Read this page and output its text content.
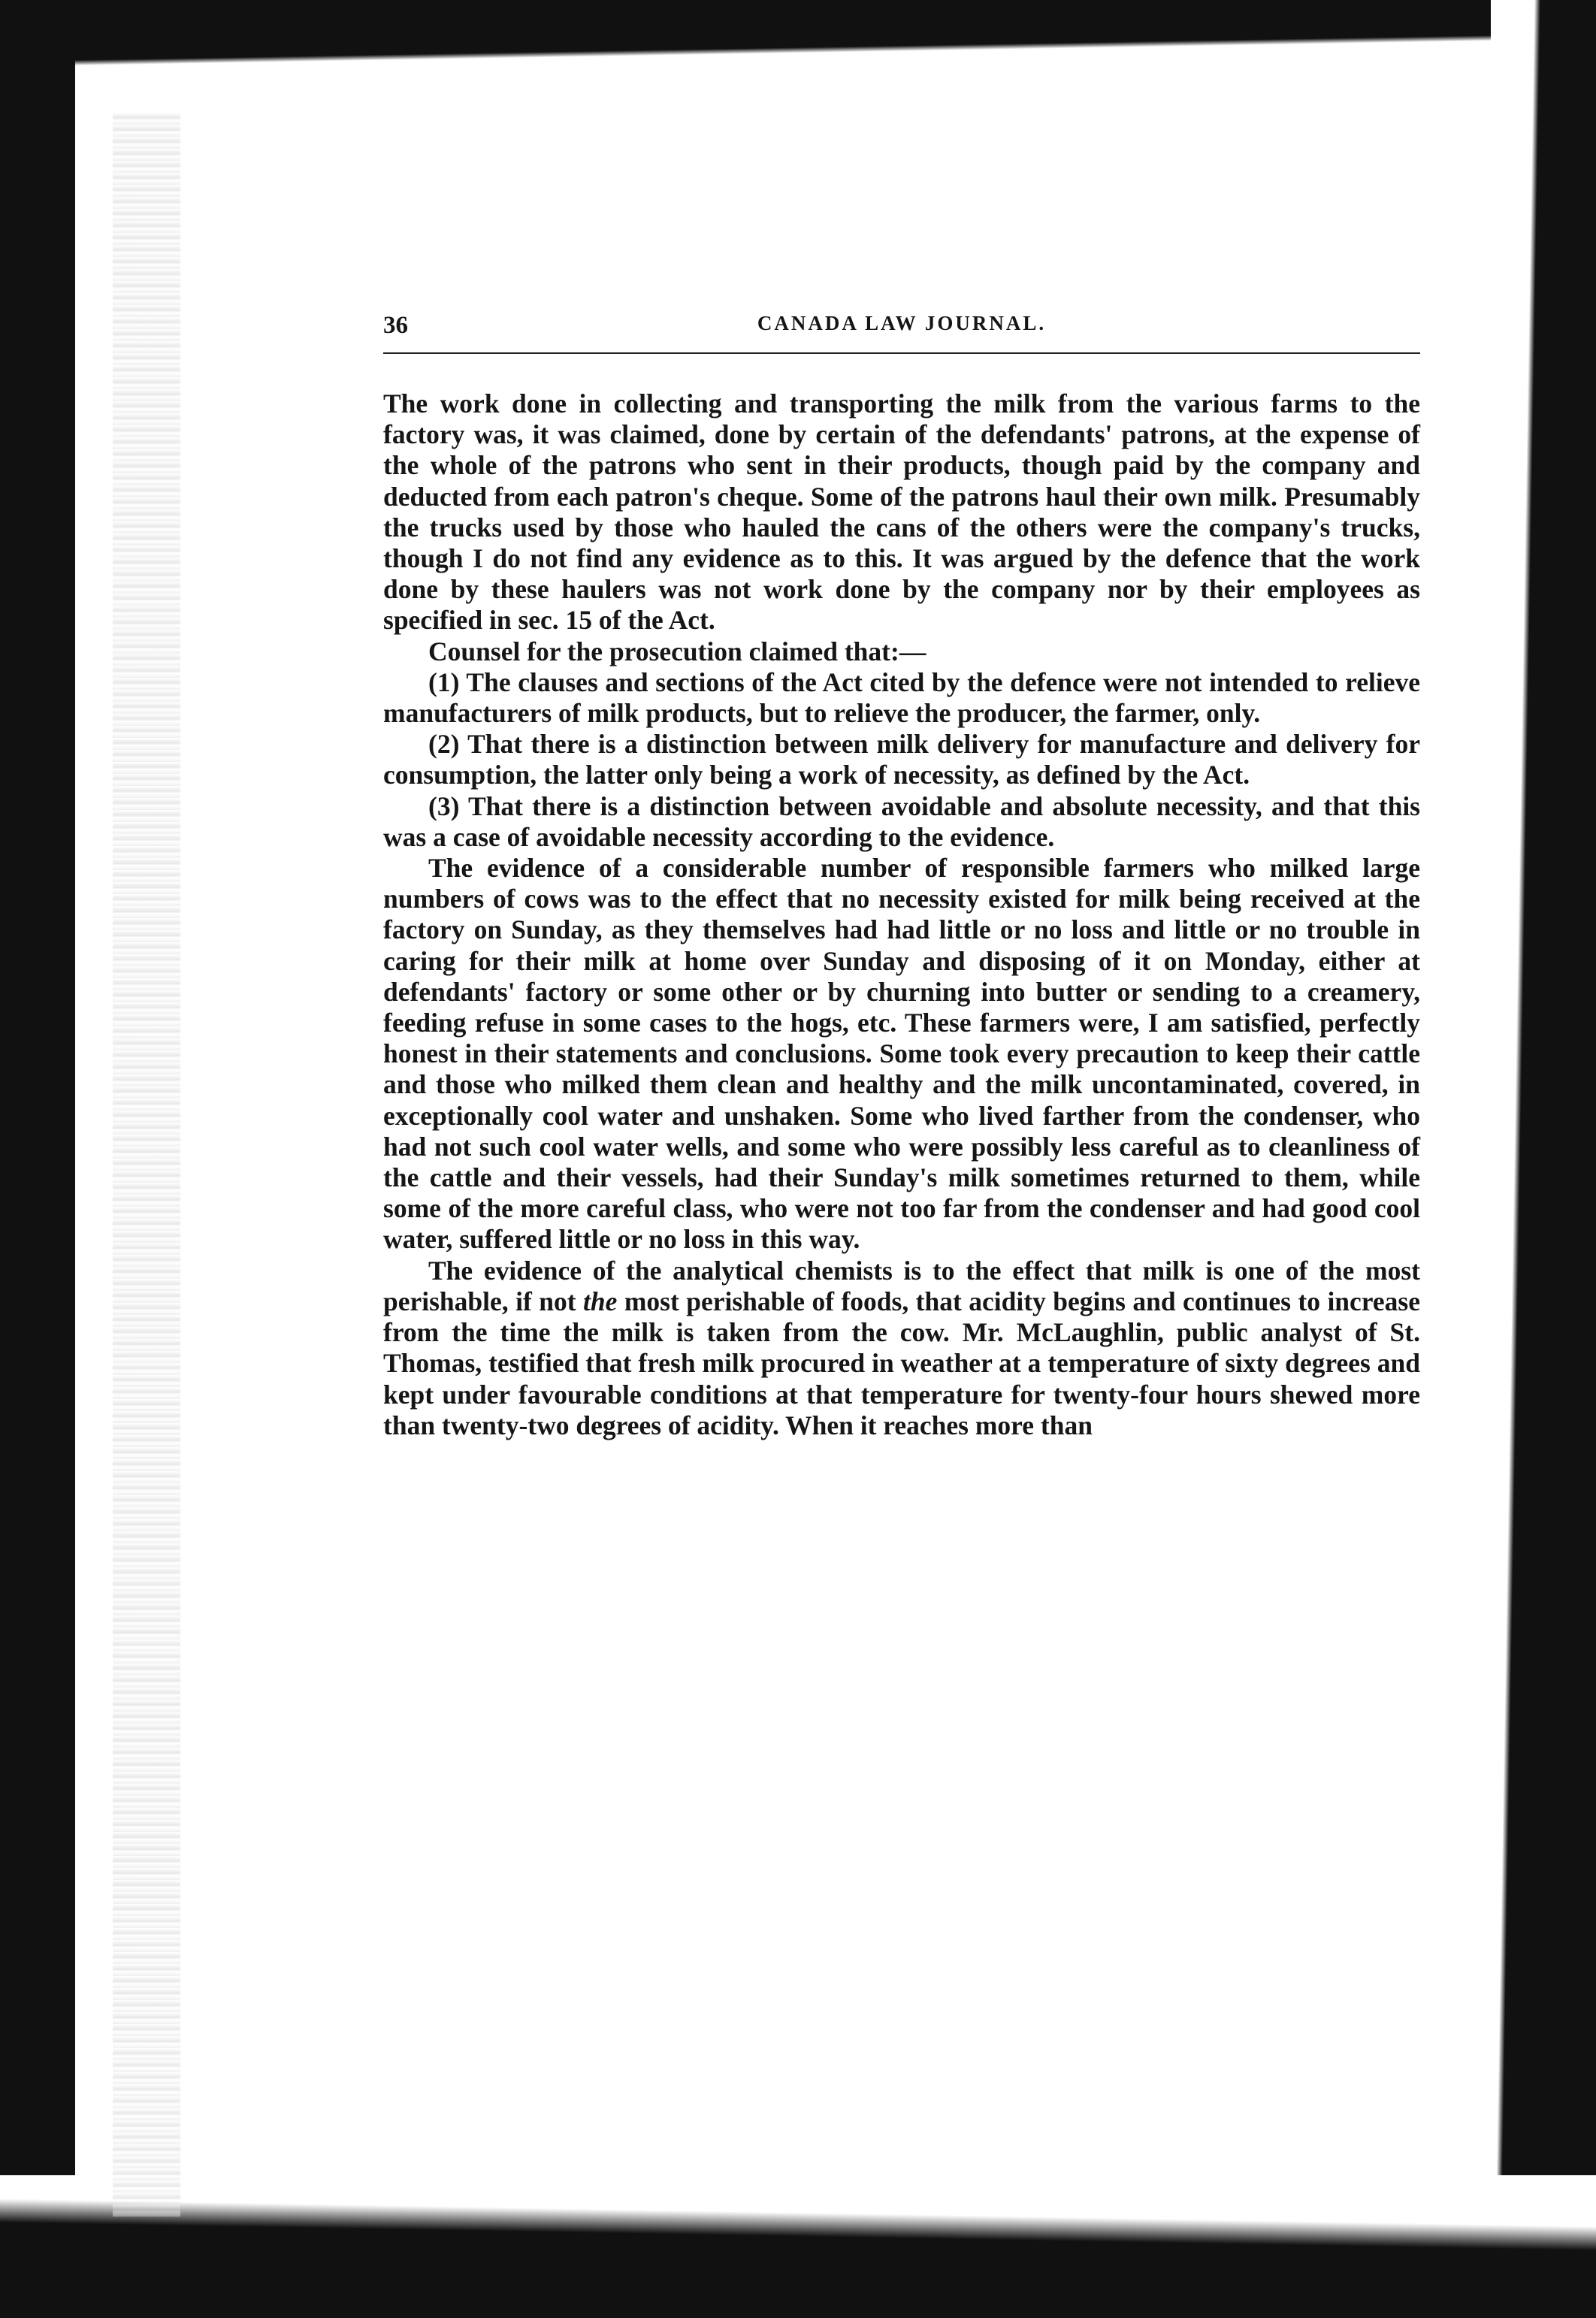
36	CANADA LAW JOURNAL.

The work done in collecting and transporting the milk from the various farms to the factory was, it was claimed, done by certain of the defendants' patrons, at the expense of the whole of the patrons who sent in their products, though paid by the company and deducted from each patron's cheque. Some of the patrons haul their own milk. Presumably the trucks used by those who hauled the cans of the others were the company's trucks, though I do not find any evidence as to this. It was argued by the defence that the work done by these haulers was not work done by the company nor by their employees as specified in sec. 15 of the Act.

Counsel for the prosecution claimed that:—

(1) The clauses and sections of the Act cited by the defence were not intended to relieve manufacturers of milk products, but to relieve the producer, the farmer, only.

(2) That there is a distinction between milk delivery for manufacture and delivery for consumption, the latter only being a work of necessity, as defined by the Act.

(3) That there is a distinction between avoidable and absolute necessity, and that this was a case of avoidable necessity according to the evidence.

The evidence of a considerable number of responsible farmers who milked large numbers of cows was to the effect that no necessity existed for milk being received at the factory on Sunday, as they themselves had had little or no loss and little or no trouble in caring for their milk at home over Sunday and disposing of it on Monday, either at defendants' factory or some other or by churning into butter or sending to a creamery, feeding refuse in some cases to the hogs, etc. These farmers were, I am satisfied, perfectly honest in their statements and conclusions. Some took every precaution to keep their cattle and those who milked them clean and healthy and the milk uncontaminated, covered, in exceptionally cool water and unshaken. Some who lived farther from the condenser, who had not such cool water wells, and some who were possibly less careful as to cleanliness of the cattle and their vessels, had their Sunday's milk sometimes returned to them, while some of the more careful class, who were not too far from the condenser and had good cool water, suffered little or no loss in this way.

The evidence of the analytical chemists is to the effect that milk is one of the most perishable, if not the most perishable of foods, that acidity begins and continues to increase from the time the milk is taken from the cow. Mr. McLaughlin, public analyst of St. Thomas, testified that fresh milk procured in weather at a temperature of sixty degrees and kept under favourable conditions at that temperature for twenty-four hours shewed more than twenty-two degrees of acidity. When it reaches more than
